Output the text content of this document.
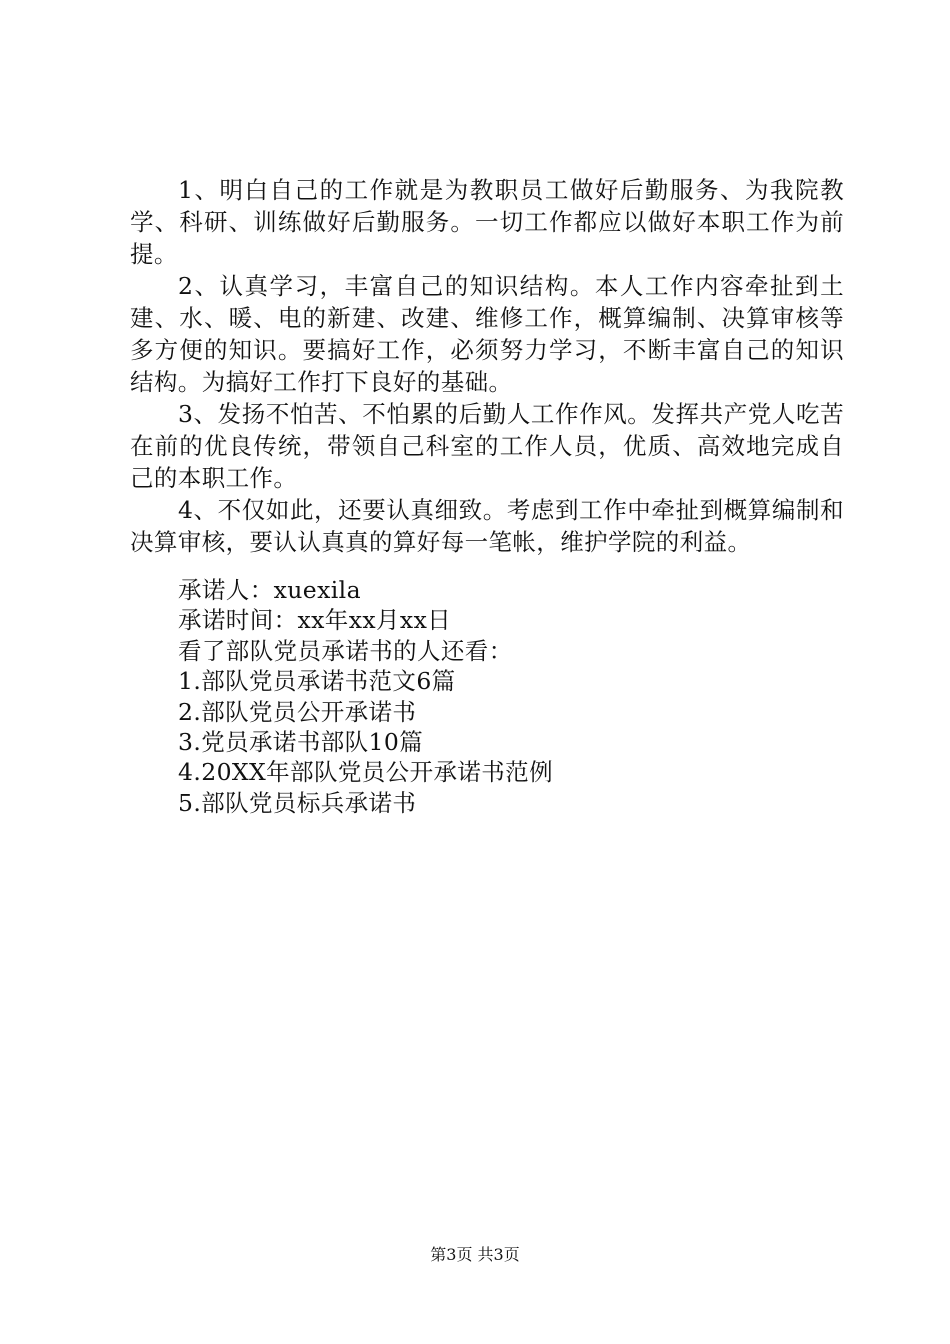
1、明白自己的工作就是为教职员工做好后勤服务、为我院教学、科研、训练做好后勤服务。一切工作都应以做好本职工作为前提。

2、认真学习，丰富自己的知识结构。本人工作内容牵扯到土建、水、暖、电的新建、改建、维修工作，概算编制、决算审核等多方便的知识。要搞好工作，必须努力学习，不断丰富自己的知识结构。为搞好工作打下良好的基础。

3、发扬不怕苦、不怕累的后勤人工作作风。发挥共产党人吃苦在前的优良传统，带领自己科室的工作人员，优质、高效地完成自己的本职工作。

4、不仅如此，还要认真细致。考虑到工作中牵扯到概算编制和决算审核，要认认真真的算好每一笔帐，维护学院的利益。

承诺人：xuexila

承诺时间：xx年xx月xx日

看了部队党员承诺书的人还看：

1.部队党员承诺书范文6篇

2.部队党员公开承诺书

3.党员承诺书部队10篇

4.20XX年部队党员公开承诺书范例

5.部队党员标兵承诺书

第3页 共3页
